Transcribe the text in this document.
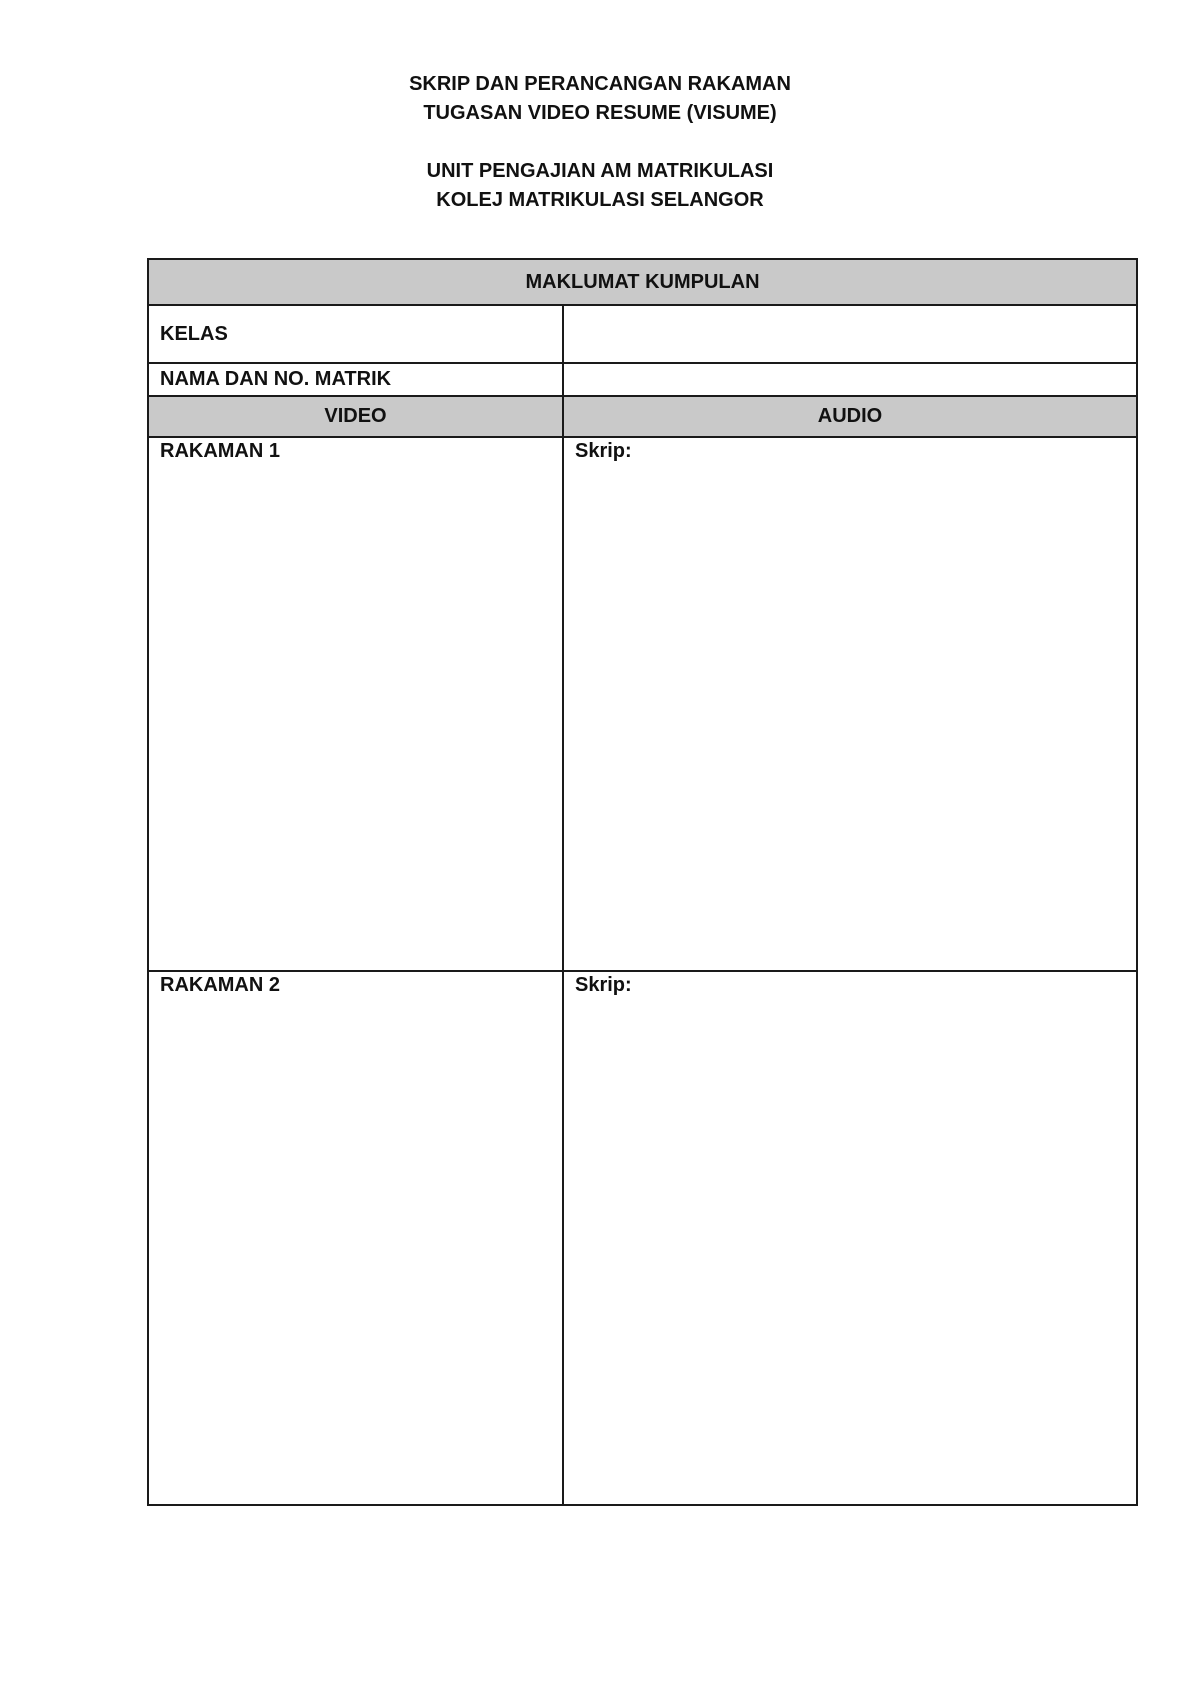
SKRIP DAN PERANCANGAN RAKAMAN
TUGASAN VIDEO RESUME (VISUME)
UNIT PENGAJIAN AM MATRIKULASI
KOLEJ MATRIKULASI SELANGOR
MAKLUMAT KUMPULAN	
KELAS	
NAMA DAN NO. MATRIK	
VIDEO	AUDIO
RAKAMAN 1	Skrip:
RAKAMAN 2	Skrip:
